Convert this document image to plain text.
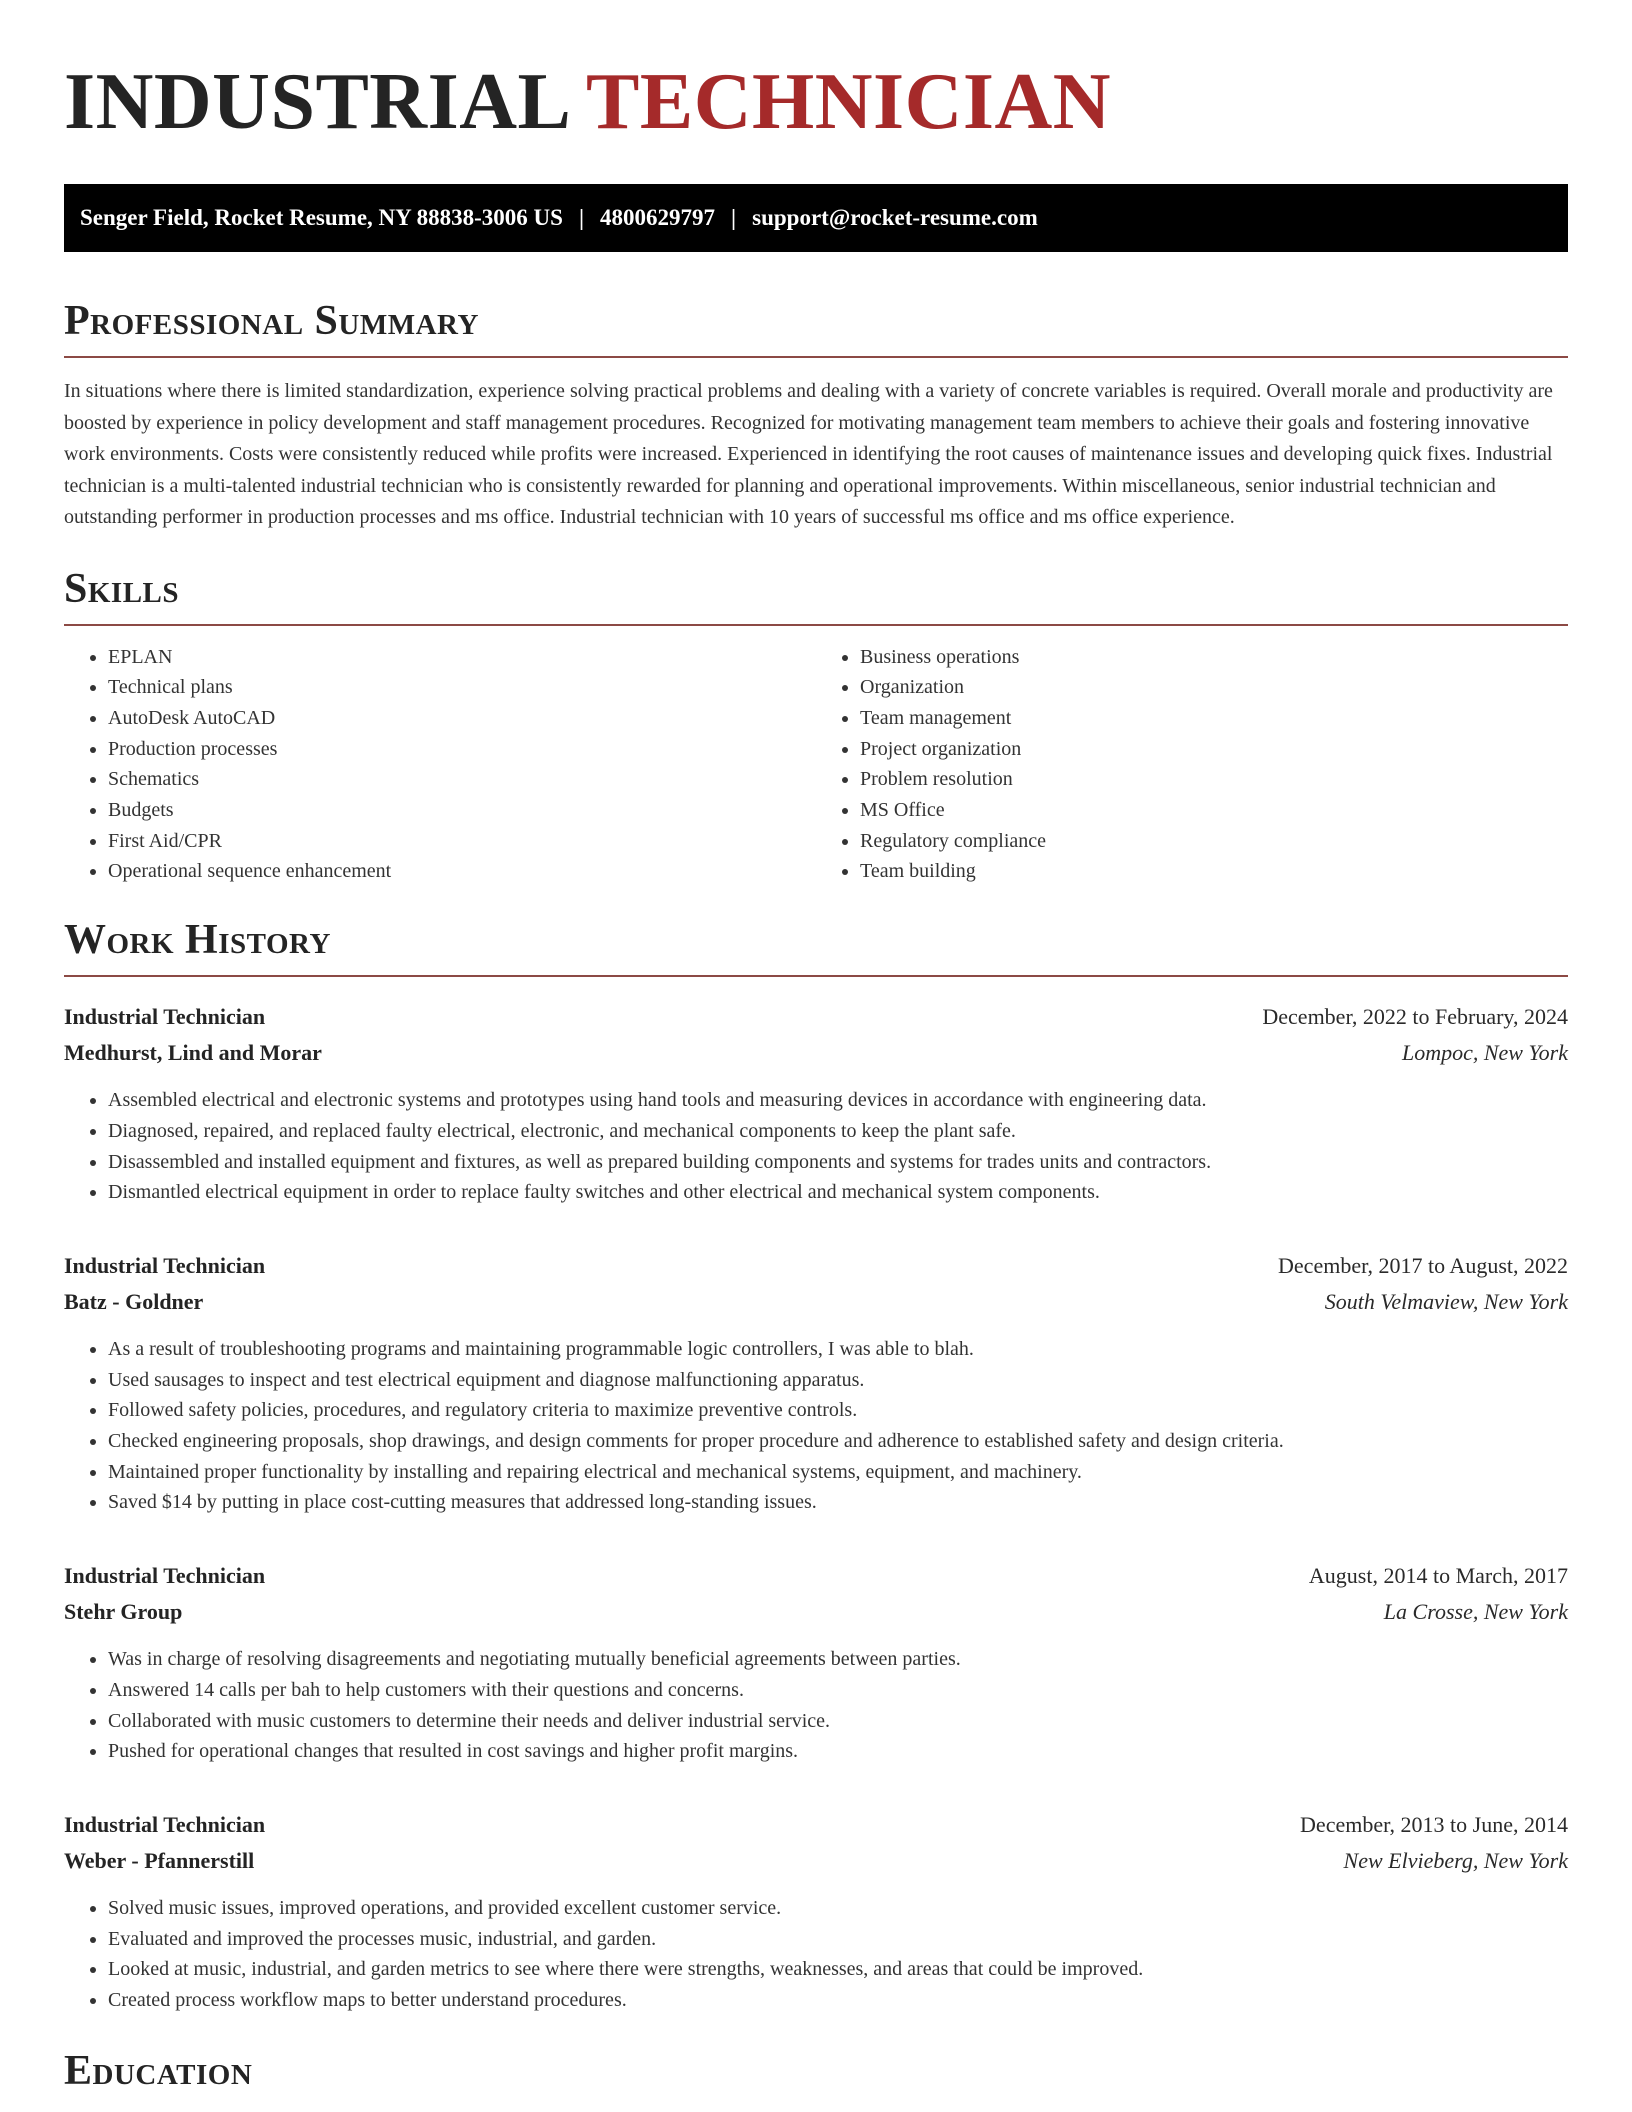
INDUSTRIAL TECHNICIAN
Senger Field, Rocket Resume, NY 88838-3006 US | 4800629797 | support@rocket-resume.com
Professional Summary

In situations where there is limited standardization, experience solving practical problems and dealing with a variety of concrete variables is required. Overall morale and productivity are boosted by experience in policy development and staff management procedures. Recognized for motivating management team members to achieve their goals and fostering innovative work environments. Costs were consistently reduced while profits were increased. Experienced in identifying the root causes of maintenance issues and developing quick fixes. Industrial technician is a multi-talented industrial technician who is consistently rewarded for planning and operational improvements. Within miscellaneous, senior industrial technician and outstanding performer in production processes and ms office. Industrial technician with 10 years of successful ms office and ms office experience.

Skills
• EPLAN
• Technical plans
• AutoDesk AutoCAD
• Production processes
• Schematics
• Budgets
• First Aid/CPR
• Operational sequence enhancement
• Business operations
• Organization
• Team management
• Project organization
• Problem resolution
• MS Office
• Regulatory compliance
• Team building
Work History
Industrial Technician	December, 2022 to February, 2024
Medhurst, Lind and Morar	Lompoc, New York
• Assembled electrical and electronic systems and prototypes using hand tools and measuring devices in accordance with engineering data.
• Diagnosed, repaired, and replaced faulty electrical, electronic, and mechanical components to keep the plant safe.
• Disassembled and installed equipment and fixtures, as well as prepared building components and systems for trades units and contractors.
• Dismantled electrical equipment in order to replace faulty switches and other electrical and mechanical system components.
Industrial Technician	December, 2017 to August, 2022
Batz - Goldner	South Velmaview, New York
• As a result of troubleshooting programs and maintaining programmable logic controllers, I was able to blah.
• Used sausages to inspect and test electrical equipment and diagnose malfunctioning apparatus.
• Followed safety policies, procedures, and regulatory criteria to maximize preventive controls.
• Checked engineering proposals, shop drawings, and design comments for proper procedure and adherence to established safety and design criteria.
• Maintained proper functionality by installing and repairing electrical and mechanical systems, equipment, and machinery.
• Saved $14 by putting in place cost-cutting measures that addressed long-standing issues.
Industrial Technician	August, 2014 to March, 2017
Stehr Group	La Crosse, New York
• Was in charge of resolving disagreements and negotiating mutually beneficial agreements between parties.
• Answered 14 calls per bah to help customers with their questions and concerns.
• Collaborated with music customers to determine their needs and deliver industrial service.
• Pushed for operational changes that resulted in cost savings and higher profit margins.
Industrial Technician	December, 2013 to June, 2014
Weber - Pfannerstill	New Elvieberg, New York
• Solved music issues, improved operations, and provided excellent customer service.
• Evaluated and improved the processes music, industrial, and garden.
• Looked at music, industrial, and garden metrics to see where there were strengths, weaknesses, and areas that could be improved.
• Created process workflow maps to better understand procedures.
Education
